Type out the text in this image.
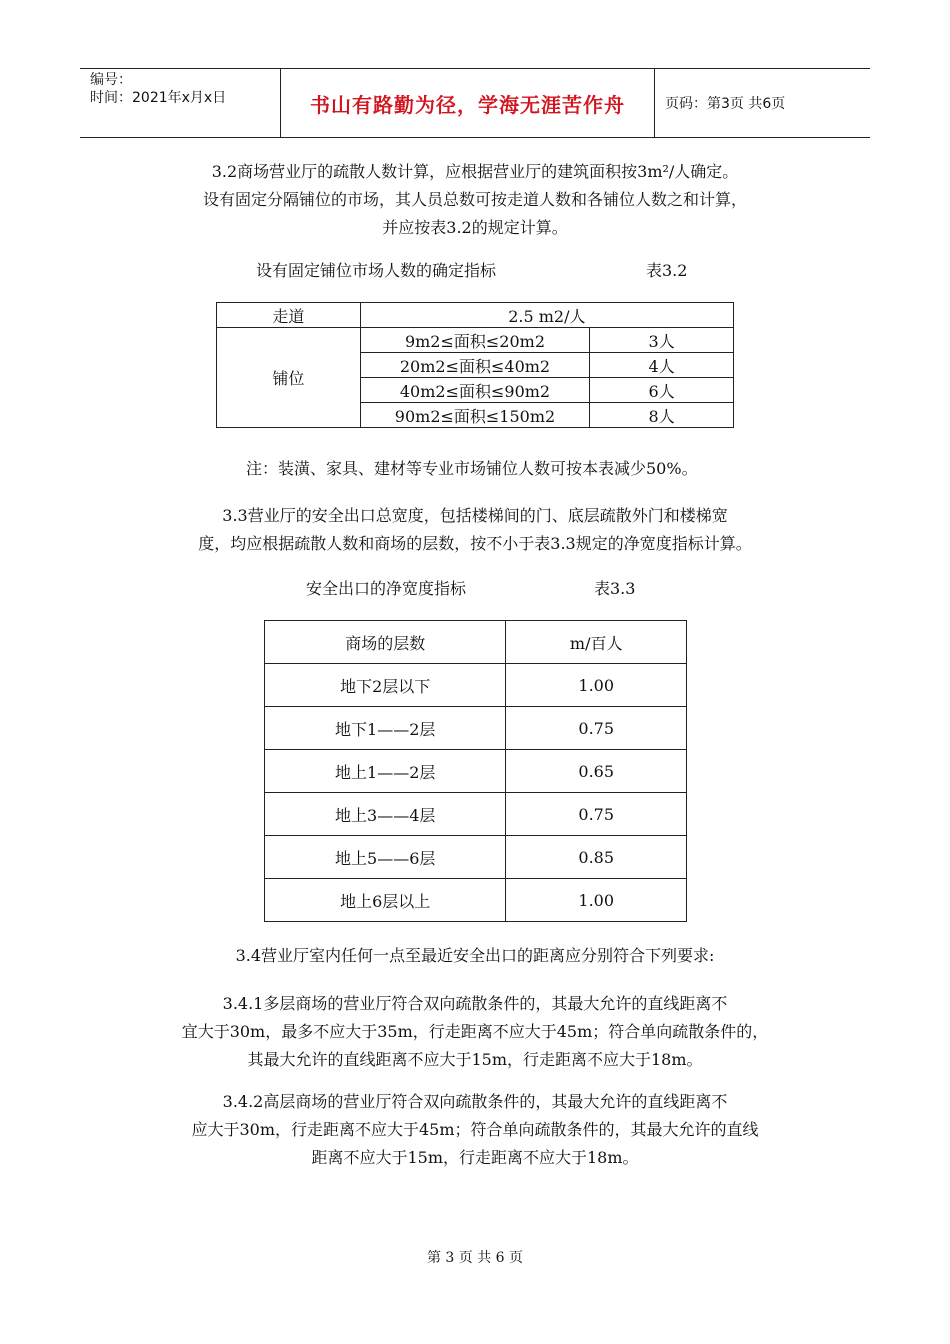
编号：
时间：2021年x月x日	书山有路勤为径，学海无涯苦作舟	页码：第3页 共6页

3.2商场营业厅的疏散人数计算，应根据营业厅的建筑面积按3m²/人确定。

设有固定分隔铺位的市场，其人员总数可按走道人数和各铺位人数之和计算，

并应按表3.2的规定计算。

设有固定铺位市场人数的确定指标	表3.2
走道	2.5 m2/人	
铺位	9m2≤面积≤20m2	3人
	20m2≤面积≤40m2	4人
	40m2≤面积≤90m2	6人
	90m2≤面积≤150m2	8人
注：装潢、家具、建材等专业市场铺位人数可按本表减少50%。

3.3营业厅的安全出口总宽度，包括楼梯间的门、底层疏散外门和楼梯宽

度，均应根据疏散人数和商场的层数，按不小于表3.3规定的净宽度指标计算。

安全出口的净宽度指标	表3.3
商场的层数	m/百人
地下2层以下	1.00
地下1——2层	0.75
地上1——2层	0.65
地上3——4层	0.75
地上5——6层	0.85
地上6层以上	1.00

3.4营业厅室内任何一点至最近安全出口的距离应分别符合下列要求:

3.4.1多层商场的营业厅符合双向疏散条件的，其最大允许的直线距离不

宜大于30m，最多不应大于35m，行走距离不应大于45m；符合单向疏散条件的，

其最大允许的直线距离不应大于15m，行走距离不应大于18m。

3.4.2高层商场的营业厅符合双向疏散条件的，其最大允许的直线距离不

应大于30m，行走距离不应大于45m；符合单向疏散条件的，其最大允许的直线

距离不应大于15m，行走距离不应大于18m。

第 3 页 共 6 页
